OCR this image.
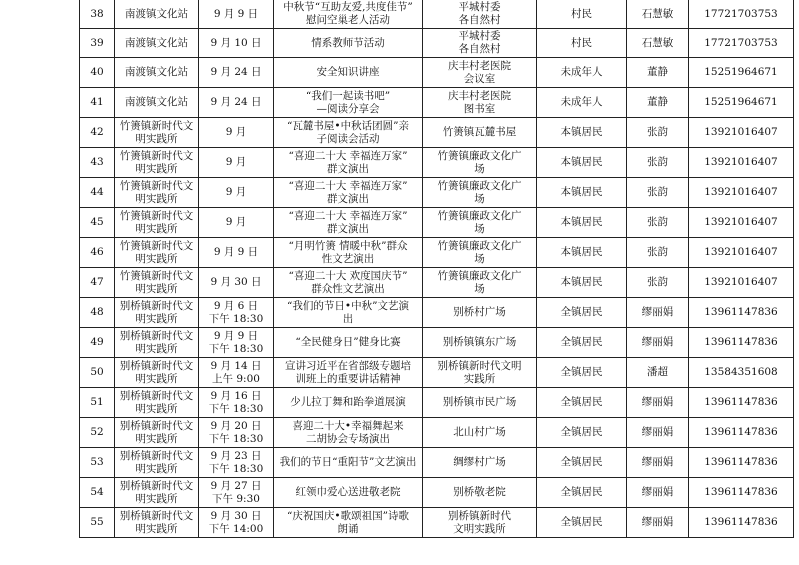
38	南渡镇文化站	9 月 9 日	中秋节“互助友爱,共度佳节”
慰问空巢老人活动	平城村委
各自然村	村民	石慧敏	17721703753
39	南渡镇文化站	9 月 10 日	情系教师节活动	平城村委
各自然村	村民	石慧敏	17721703753
40	南渡镇文化站	9 月 24 日	安全知识讲座	庆丰村老医院
会议室	未成年人	董静	15251964671
41	南渡镇文化站	9 月 24 日	“我们一起读书吧”
—阅读分享会	庆丰村老医院
图书室	未成年人	董静	15251964671
42	竹箦镇新时代文
明实践所	9 月	“瓦麓书屋•中秋话团圆”亲
子阅读会活动	竹箦镇瓦麓书屋	本镇居民	张韵	13921016407
43	竹箦镇新时代文
明实践所	9 月	“喜迎二十大 幸福连万家”
群文演出	竹箦镇廉政文化广
场	本镇居民	张韵	13921016407
44	竹箦镇新时代文
明实践所	9 月	“喜迎二十大 幸福连万家”
群文演出	竹箦镇廉政文化广
场	本镇居民	张韵	13921016407
45	竹箦镇新时代文
明实践所	9 月	“喜迎二十大 幸福连万家”
群文演出	竹箦镇廉政文化广
场	本镇居民	张韵	13921016407
46	竹箦镇新时代文
明实践所	9 月 9 日	“月明竹箦 情暖中秋”群众
性文艺演出	竹箦镇廉政文化广
场	本镇居民	张韵	13921016407
47	竹箦镇新时代文
明实践所	9 月 30 日	“喜迎二十大 欢度国庆节”
群众性文艺演出	竹箦镇廉政文化广
场	本镇居民	张韵	13921016407
48	别桥镇新时代文
明实践所	9 月 6 日
下午 18:30	“我们的节日•中秋”文艺演
出	别桥村广场	全镇居民	缪丽娟	13961147836
49	别桥镇新时代文
明实践所	9 月 9 日
下午 18:30	“全民健身日”健身比赛	别桥镇镇东广场	全镇居民	缪丽娟	13961147836
50	别桥镇新时代文
明实践所	9 月 14 日
上午 9:00	宣讲习近平在省部级专题培
训班上的重要讲话精神	别桥镇新时代文明
实践所	全镇居民	潘超	13584351608
51	别桥镇新时代文
明实践所	9 月 16 日
下午 18:30	少儿拉丁舞和跆拳道展演	别桥镇市民广场	全镇居民	缪丽娟	13961147836
52	别桥镇新时代文
明实践所	9 月 20 日
下午 18:30	喜迎二十大•幸福舞起来
二胡协会专场演出	北山村广场	全镇居民	缪丽娟	13961147836
53	别桥镇新时代文
明实践所	9 月 23 日
下午 18:30	我们的节日“重阳节”文艺演出	绸缪村广场	全镇居民	缪丽娟	13961147836
54	别桥镇新时代文
明实践所	9 月 27 日
下午 9:30	红领巾爱心送进敬老院	别桥敬老院	全镇居民	缪丽娟	13961147836
55	别桥镇新时代文
明实践所	9 月 30 日
下午 14:00	“庆祝国庆•歌颂祖国”诗歌
朗诵	别桥镇新时代
文明实践所	全镇居民	缪丽娟	13961147836
